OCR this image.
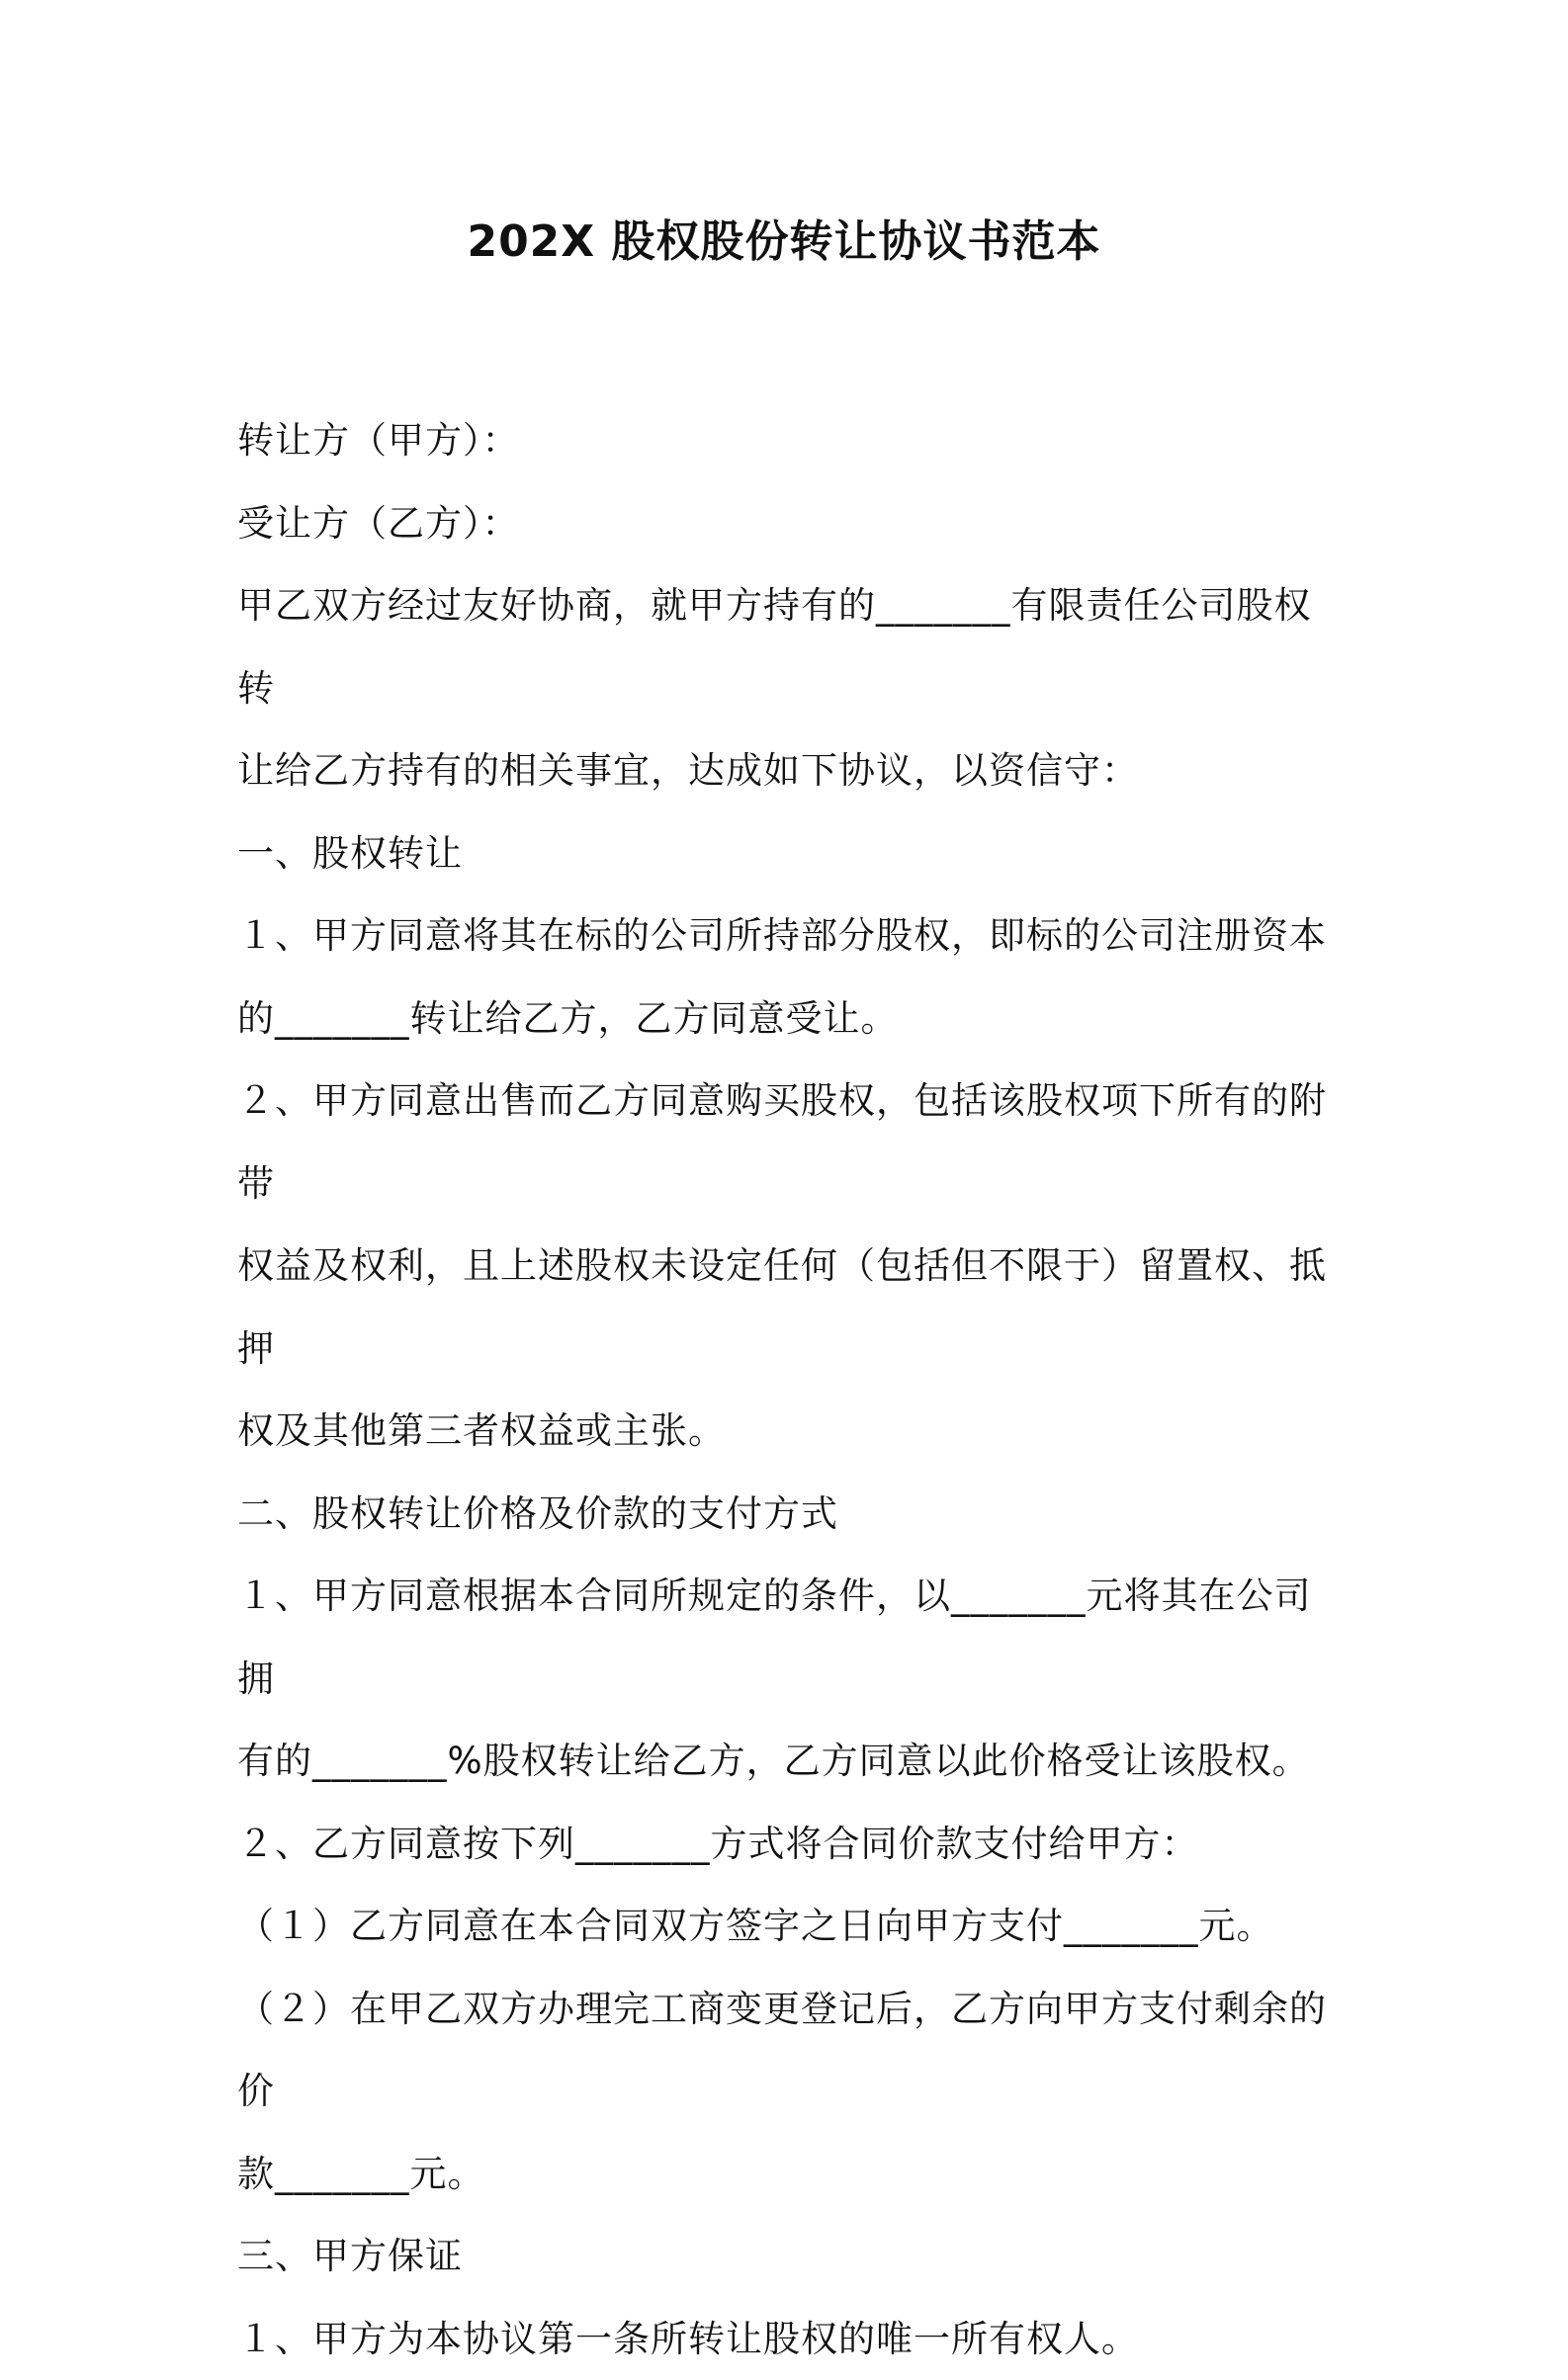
202X 股权股份转让协议书范本

转让方（甲方）：

受让方（乙方）：

甲乙双方经过友好协商，就甲方持有的_______有限责任公司股权转

让给乙方持有的相关事宜，达成如下协议，以资信守：

一、股权转让

１、甲方同意将其在标的公司所持部分股权，即标的公司注册资本

的_______转让给乙方，乙方同意受让。

２、甲方同意出售而乙方同意购买股权，包括该股权项下所有的附带

权益及权利，且上述股权未设定任何（包括但不限于）留置权、抵押

权及其他第三者权益或主张。

二、股权转让价格及价款的支付方式

１、甲方同意根据本合同所规定的条件，以_______元将其在公司拥

有的_______%股权转让给乙方，乙方同意以此价格受让该股权。

２、乙方同意按下列_______方式将合同价款支付给甲方：

（１）乙方同意在本合同双方签字之日向甲方支付_______元。

（２）在甲乙双方办理完工商变更登记后，乙方向甲方支付剩余的价

款_______元。

三、甲方保证

１、甲方为本协议第一条所转让股权的唯一所有权人。
